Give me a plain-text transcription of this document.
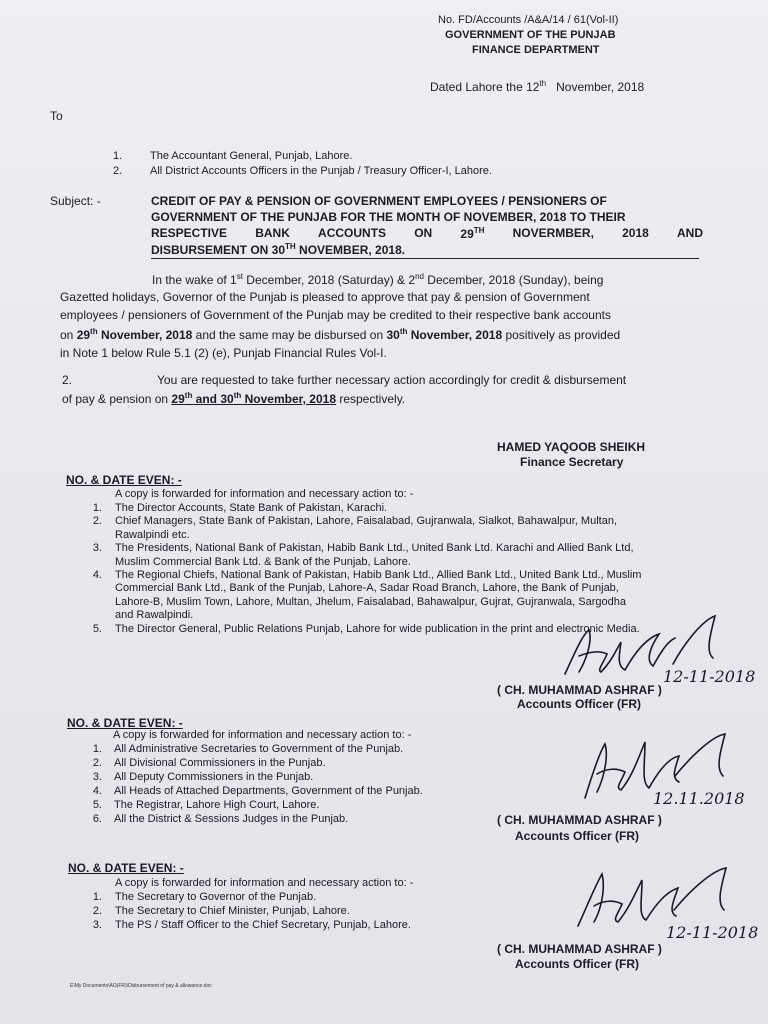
No. FD/Accounts /A&A/14 / 61(Vol-II)
GOVERNMENT OF THE PUNJAB
FINANCE DEPARTMENT
Dated Lahore the 12th November, 2018
To
1.	The Accountant General, Punjab, Lahore.
2.	All District Accounts Officers in the Punjab / Treasury Officer-I, Lahore.
Subject: -	CREDIT OF PAY & PENSION OF GOVERNMENT EMPLOYEES / PENSIONERS OF
GOVERNMENT OF THE PUNJAB FOR THE MONTH OF NOVEMBER, 2018 TO THEIR
RESPECTIVE BANK ACCOUNTS ON 29TH NOVERMBER, 2018 AND
DISBURSEMENT ON 30TH NOVEMBER, 2018.
In the wake of 1st December, 2018 (Saturday) & 2nd December, 2018 (Sunday), being
Gazetted holidays, Governor of the Punjab is pleased to approve that pay & pension of Government
employees / pensioners of Government of the Punjab may be credited to their respective bank accounts
on 29th November, 2018 and the same may be disbursed on 30th November, 2018 positively as provided
in Note 1 below Rule 5.1 (2) (e), Punjab Financial Rules Vol-I.
2.	You are requested to take further necessary action accordingly for credit & disbursement
of pay & pension on 29th and 30th November, 2018 respectively.
HAMED YAQOOB SHEIKH
Finance Secretary
NO. & DATE EVEN: -
A copy is forwarded for information and necessary action to: -
1. The Director Accounts, State Bank of Pakistan, Karachi.
2. Chief Managers, State Bank of Pakistan, Lahore, Faisalabad, Gujranwala, Sialkot, Bahawalpur, Multan,
Rawalpindi etc.
3. The Presidents, National Bank of Pakistan, Habib Bank Ltd., United Bank Ltd. Karachi and Allied Bank Ltd,
Muslim Commercial Bank Ltd. & Bank of the Punjab, Lahore.
4. The Regional Chiefs, National Bank of Pakistan, Habib Bank Ltd., Allied Bank Ltd., United Bank Ltd., Muslim
Commercial Bank Ltd., Bank of the Punjab, Lahore-A, Sadar Road Branch, Lahore, the Bank of Punjab,
Lahore-B, Muslim Town, Lahore, Multan, Jhelum, Faisalabad, Bahawalpur, Gujrat, Gujranwala, Sargodha
and Rawalpindi.
5. The Director General, Public Relations Punjab, Lahore for wide publication in the print and electronic Media.
12-11-2018
( CH. MUHAMMAD ASHRAF )
Accounts Officer (FR)
NO. & DATE EVEN: -
A copy is forwarded for information and necessary action to: -
1. All Administrative Secretaries to Government of the Punjab.
2. All Divisional Commissioners in the Punjab.
3. All Deputy Commissioners in the Punjab.
4. All Heads of Attached Departments, Government of the Punjab.
5. The Registrar, Lahore High Court, Lahore.
6. All the District & Sessions Judges in the Punjab.
12.11.2018
( CH. MUHAMMAD ASHRAF )
Accounts Officer (FR)
NO. & DATE EVEN: -
A copy is forwarded for information and necessary action to: -
1. The Secretary to Governor of the Punjab.
2. The Secretary to Chief Minister, Punjab, Lahore.
3. The PS / Staff Officer to the Chief Secretary, Punjab, Lahore.	12-11-2018
( CH. MUHAMMAD ASHRAF )
Accounts Officer (FR)
E\My Documents\AO(FR)\Disbursement of pay & allowance.doc
